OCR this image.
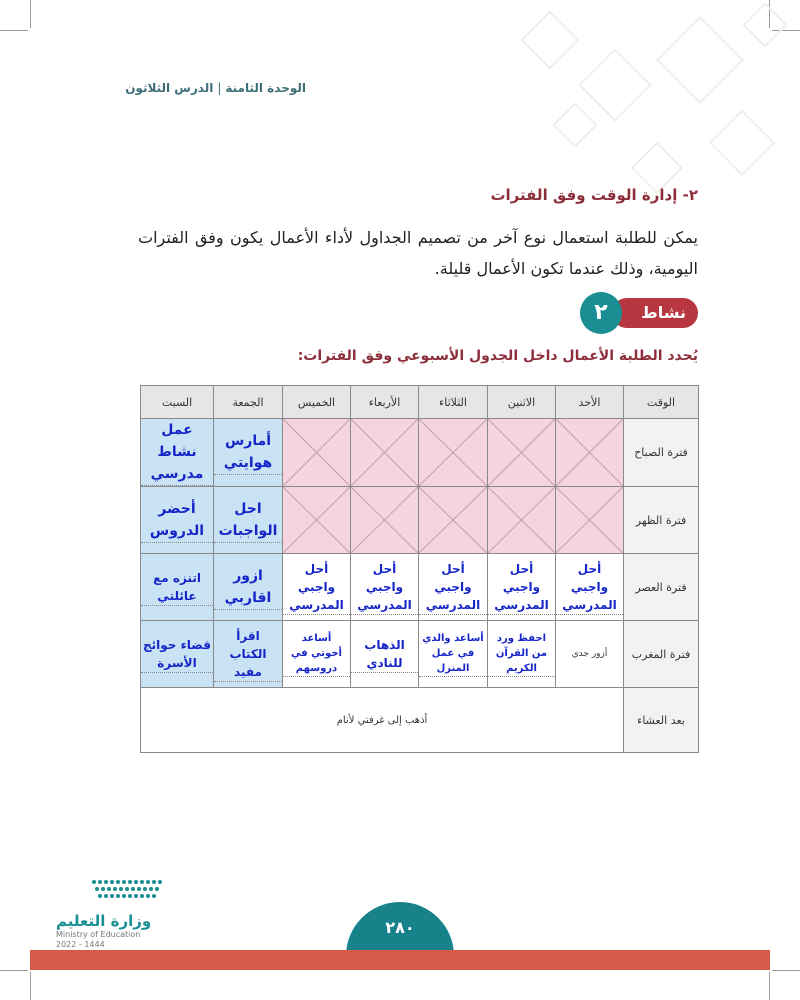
الوحدة الثامنة|الدرس الثلاثون
٢- إدارة الوقت وفق الفترات
يمكن للطلبة استعمال نوع آخر من تصميم الجداول لأداء الأعمال يكون وفق الفترات اليومية، وذلك عندما تكون الأعمال قليلة.
نشاط
٢
يُحدد الطلبة الأعمال داخل الجدول الأسبوعي وفق الفترات:
الوقت	الأحد	الاثنين	الثلاثاء	الأربعاء	الخميس	الجمعة	السبت
فترة الصباح						أمارس هوايتي	عمل نشاط مدرسي

فترة الظهر						احل الواجبات	أحضر الدروس

فترة العصر	أحل واجبي المدرسي	أحل واجبي المدرسي	أحل واجبي المدرسي	أحل واجبي المدرسي	أحل واجبي المدرسي	ازور اقاربي	اتنزه مع عائلتي

فترة المغرب	أزور جدي	احفظ ورد من القرآن الكريم	أساعد والدي في عمل المنزل	الذهاب للنادي	أساعد أخوتي في دروسهم	اقرأ الكتاب مفيد	قضاء حوائج الأسرة

بعد العشاء	أذهب إلى غرفتي لأنام						
وزارة التعليم
Ministry of Education
2022 - 1444
٢٨٠
